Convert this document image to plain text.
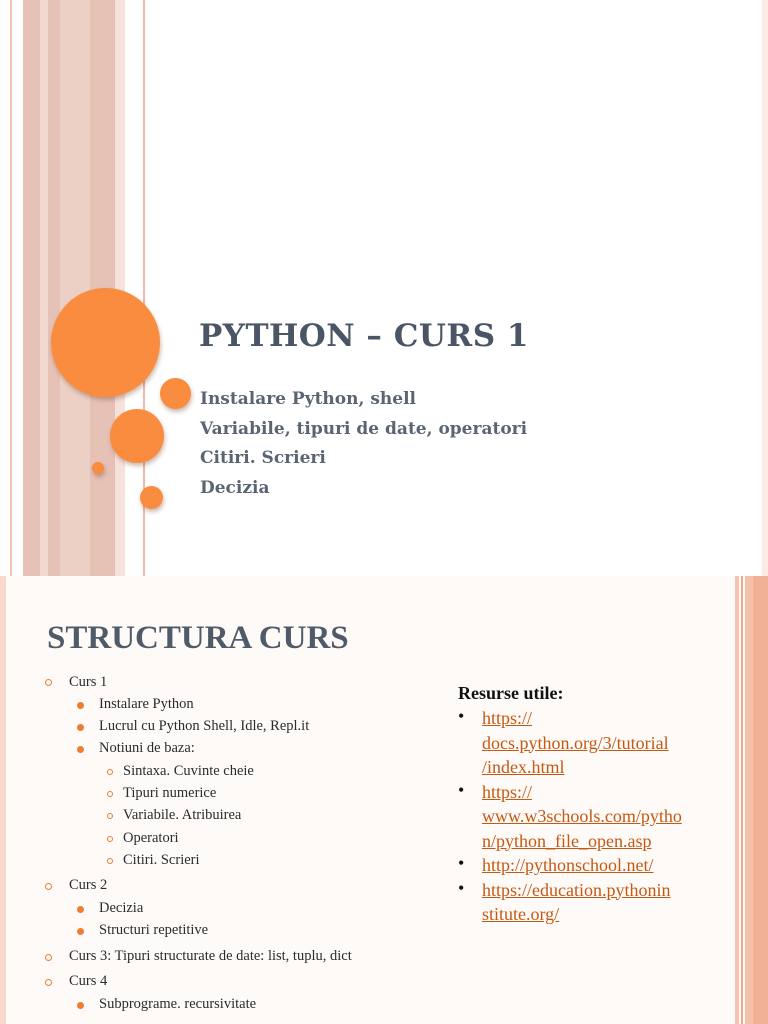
PYTHON – CURS 1
Instalare Python, shell
Variabile, tipuri de date, operatori
Citiri. Scrieri
Decizia
STRUCTURA CURS
Curs 1
Instalare Python
Lucrul cu Python Shell, Idle, Repl.it
Notiuni de baza:
Sintaxa. Cuvinte cheie
Tipuri numerice
Variabile. Atribuirea
Operatori
Citiri. Scrieri
Curs 2
Decizia
Structuri repetitive
Curs 3: Tipuri structurate de date: list, tuplu, dict
Curs 4
Subprograme. recursivitate
Resurse utile:
• https://
docs.python.org/3/tutorial
/index.html
• https://
www.w3schools.com/pytho
n/python_file_open.asp
• http://pythonschool.net/
• https://education.pythonin
stitute.org/
